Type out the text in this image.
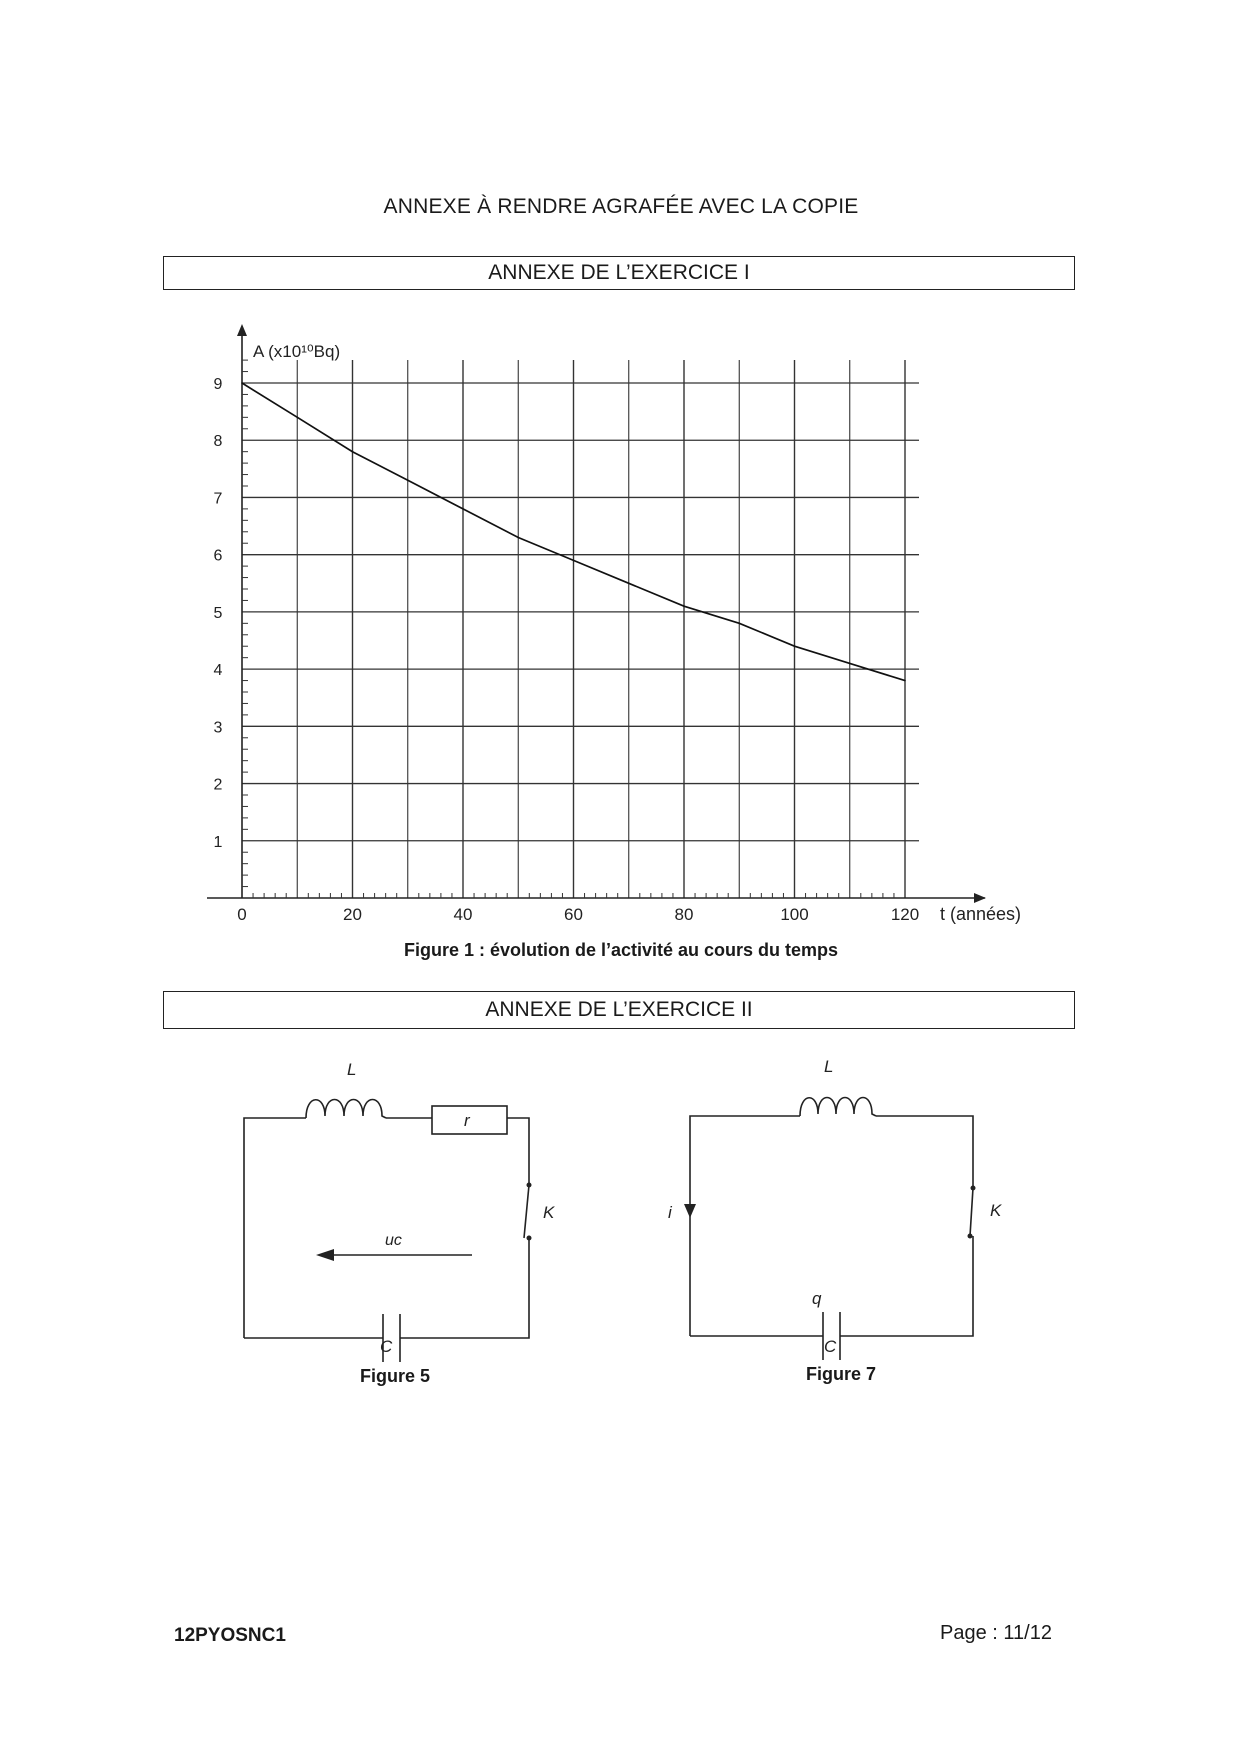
ANNEXE À RENDRE AGRAFÉE AVEC LA COPIE
ANNEXE DE L’EXERCICE I
1
2
3
4
5
6
7
8
9
0	20	40	60	80	100	120
A (x10¹⁰Bq)
t (années)
Figure 1 : évolution de l’activité au cours du temps
ANNEXE DE L’EXERCICE II
L
r
K
uc
C
L
K
i
q
C
Figure 5	Figure 7
12PYOSNC1	Page : 11/12
